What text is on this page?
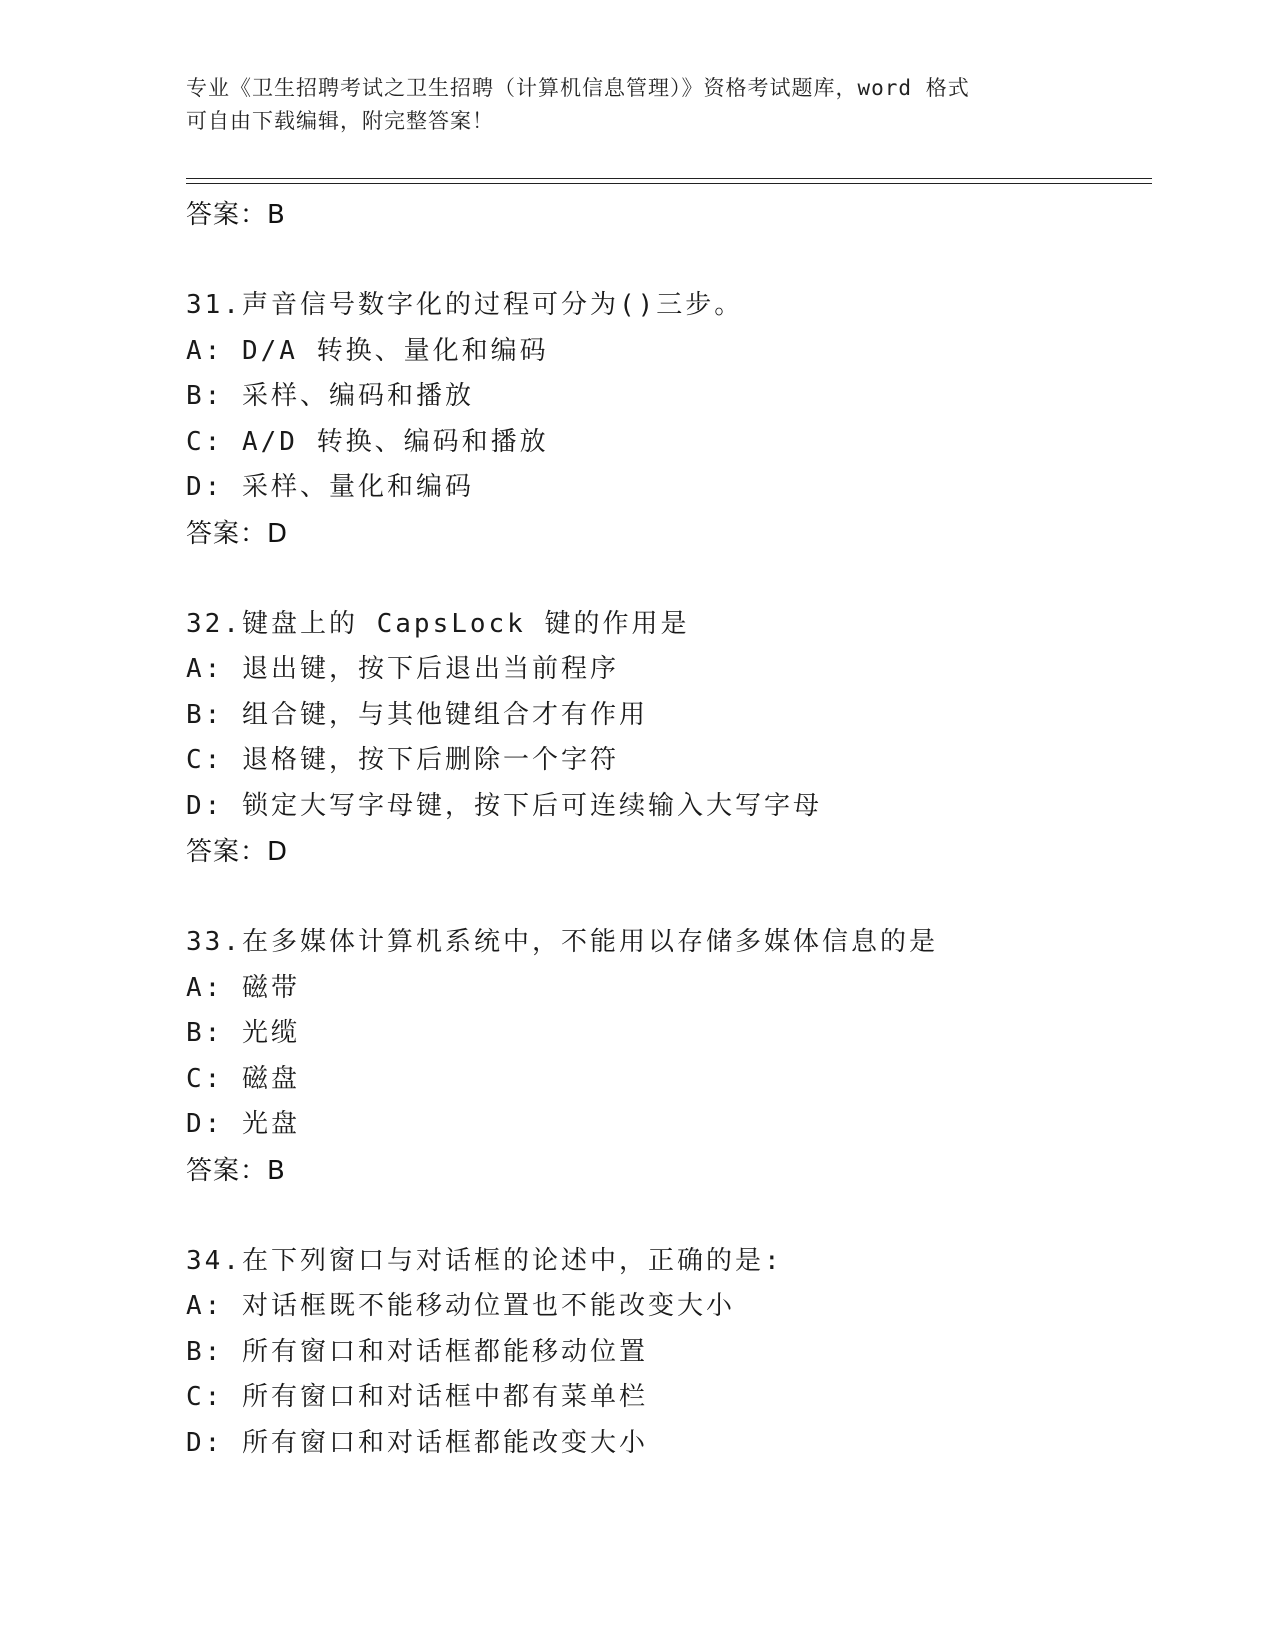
专业《卫生招聘考试之卫生招聘（计算机信息管理）》资格考试题库，word 格式
可自由下载编辑，附完整答案！
答案：B
31.声音信号数字化的过程可分为()三步。
A: D/A 转换、量化和编码
B: 采样、编码和播放
C: A/D 转换、编码和播放
D: 采样、量化和编码
答案：D
32.键盘上的 CapsLock 键的作用是
A: 退出键，按下后退出当前程序
B: 组合键，与其他键组合才有作用
C: 退格键，按下后删除一个字符
D: 锁定大写字母键，按下后可连续输入大写字母
答案：D
33.在多媒体计算机系统中，不能用以存储多媒体信息的是
A: 磁带
B: 光缆
C: 磁盘
D: 光盘
答案：B
34.在下列窗口与对话框的论述中，正确的是:
A: 对话框既不能移动位置也不能改变大小
B: 所有窗口和对话框都能移动位置
C: 所有窗口和对话框中都有菜单栏
D: 所有窗口和对话框都能改变大小
